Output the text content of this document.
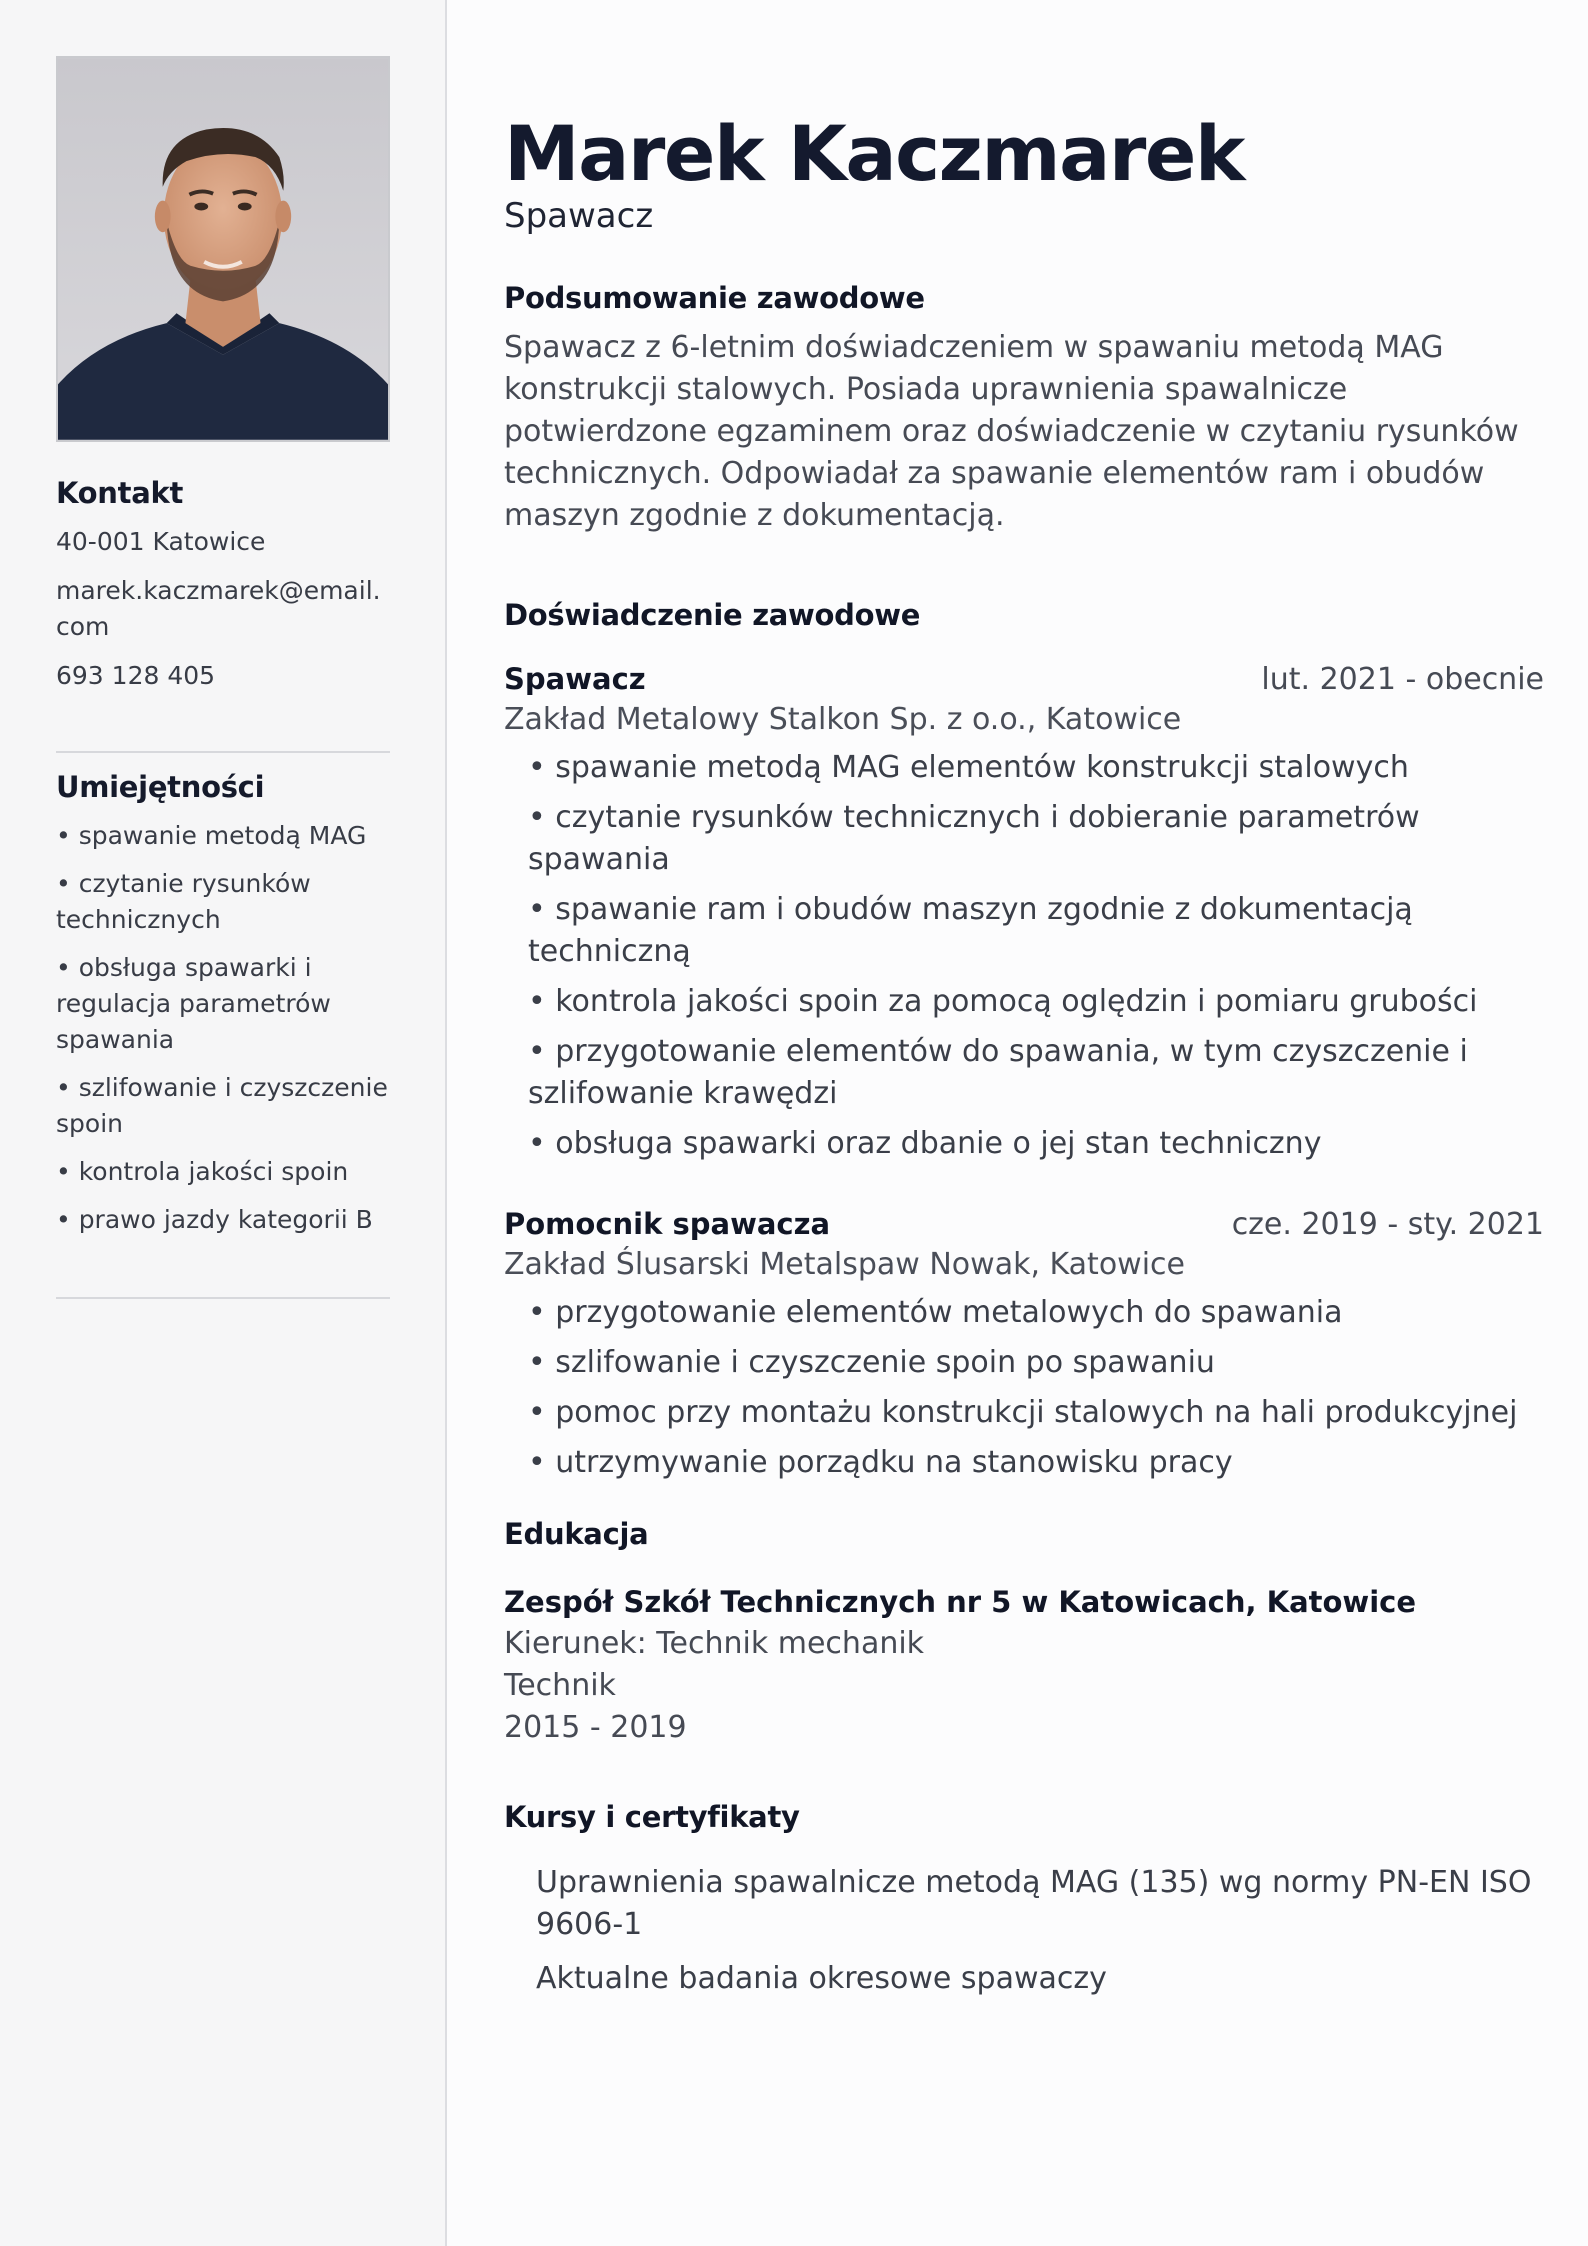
Kontakt

40-001 Katowice

marek.kaczmarek@email.com

693 128 405

Umiejętności

• spawanie metodą MAG

• czytanie rysunków technicznych

• obsługa spawarki i regulacja parametrów spawania

• szlifowanie i czyszczenie spoin

• kontrola jakości spoin

• prawo jazdy kategorii B

Marek Kaczmarek
Spawacz
Podsumowanie zawodowe

Spawacz z 6-letnim doświadczeniem w spawaniu metodą MAG konstrukcji stalowych. Posiada uprawnienia spawalnicze potwierdzone egzaminem oraz doświadczenie w czytaniu rysunków technicznych. Odpowiadał za spawanie elementów ram i obudów maszyn zgodnie z dokumentacją.

Doświadczenie zawodowe
Spawacz	lut. 2021 - obecnie
Zakład Metalowy Stalkon Sp. z o.o., Katowice
• spawanie metodą MAG elementów konstrukcji stalowych
• czytanie rysunków technicznych i dobieranie parametrów spawania
• spawanie ram i obudów maszyn zgodnie z dokumentacją techniczną
• kontrola jakości spoin za pomocą oględzin i pomiaru grubości
• przygotowanie elementów do spawania, w tym czyszczenie i szlifowanie krawędzi
• obsługa spawarki oraz dbanie o jej stan techniczny
Pomocnik spawacza	cze. 2019 - sty. 2021
Zakład Ślusarski Metalspaw Nowak, Katowice
• przygotowanie elementów metalowych do spawania
• szlifowanie i czyszczenie spoin po spawaniu
• pomoc przy montażu konstrukcji stalowych na hali produkcyjnej
• utrzymywanie porządku na stanowisku pracy
Edukacja
Zespół Szkół Technicznych nr 5 w Katowicach, Katowice
Kierunek: Technik mechanik
Technik
2015 - 2019
Kursy i certyfikaty

Uprawnienia spawalnicze metodą MAG (135) wg normy PN-EN ISO 9606-1

Aktualne badania okresowe spawaczy
